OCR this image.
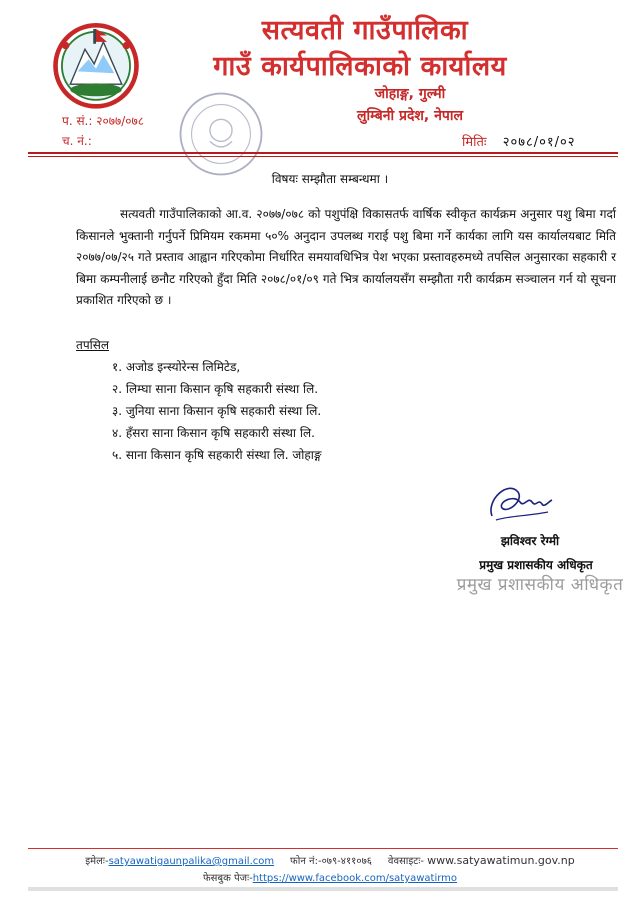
सत्यवती गाउँपालिका
गाउँ कार्यपालिकाको कार्यालय
जोहाङ्ग, गुल्मी
लुम्बिनी प्रदेश, नेपाल
प. सं.: २०७७/०७८
च. नं.:	मितिः २०७८/०१/०२
विषयः सम्झौता सम्बन्धमा ।
सत्यवती गाउँपालिकाको आ.व. २०७७/०७८ को पशुपंक्षि विकासतर्फ वार्षिक स्वीकृत कार्यक्रम अनुसार पशु बिमा गर्दा किसानले भुक्तानी गर्नुपर्ने प्रिमियम रकममा ५०% अनुदान उपलब्ध गराई पशु बिमा गर्ने कार्यका लागि यस कार्यालयबाट मिति २०७७/०७/२५ गते प्रस्ताव आह्वान गरिएकोमा निर्धारित समयावधिभित्र पेश भएका प्रस्तावहरुमध्ये तपसिल अनुसारका सहकारी र बिमा कम्पनीलाई छनौट गरिएको हुँदा मिति २०७८/०१/०९ गते भित्र कार्यालयसँग सम्झौता गरी कार्यक्रम सञ्चालन गर्न यो सूचना प्रकाशित गरिएको छ ।
तपसिल
१. अजोड इन्स्योरेन्स लिमिटेड,
२. लिम्घा साना किसान कृषि सहकारी संस्था लि.
३. जुनिया साना किसान कृषि सहकारी संस्था लि.
४. हँसरा साना किसान कृषि सहकारी संस्था लि.
५. साना किसान कृषि सहकारी संस्था लि. जोहाङ्ग
झविश्वर रेग्मी
प्रमुख प्रशासकीय अधिकृत
प्रमुख प्रशासकीय अधिकृत
इमेलः-satyawatigaunpalika@gmail.com फोन नं:-०७९-४११०७६ वेवसाइटः- www.satyawatimun.gov.np
फेसबुक पेजः-https://www.facebook.com/satyawatirmo
